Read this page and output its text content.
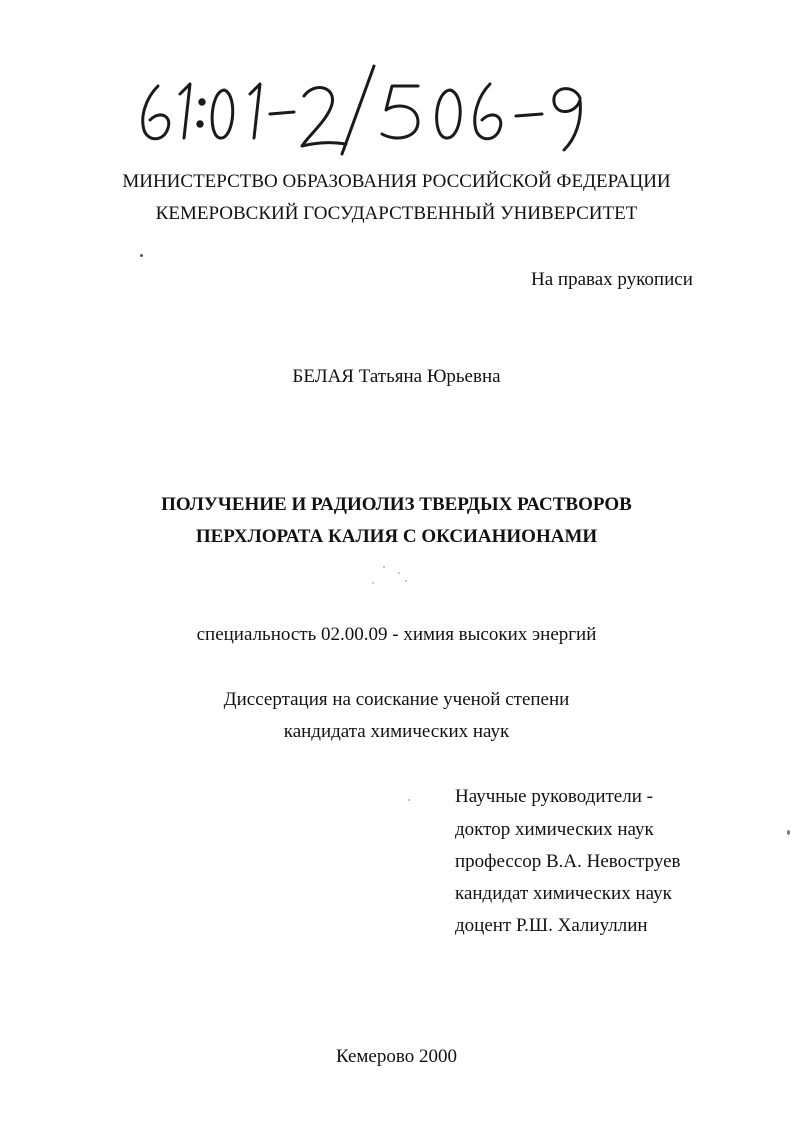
МИНИСТЕРСТВО ОБРАЗОВАНИЯ РОССИЙСКОЙ ФЕДЕРАЦИИ
КЕМЕРОВСКИЙ ГОСУДАРСТВЕННЫЙ УНИВЕРСИТЕТ
На правах рукописи
БЕЛАЯ Татьяна Юрьевна
ПОЛУЧЕНИЕ И РАДИОЛИЗ ТВЕРДЫХ РАСТВОРОВ
ПЕРХЛОРАТА КАЛИЯ С ОКСИАНИОНАМИ
специальность 02.00.09 - химия высоких энергий
Диссертация на соискание ученой степени
кандидата химических наук
Научные руководители -
доктор химических наук
профессор В.А. Невоструев
кандидат химических наук
доцент Р.Ш. Халиуллин
Кемерово 2000
